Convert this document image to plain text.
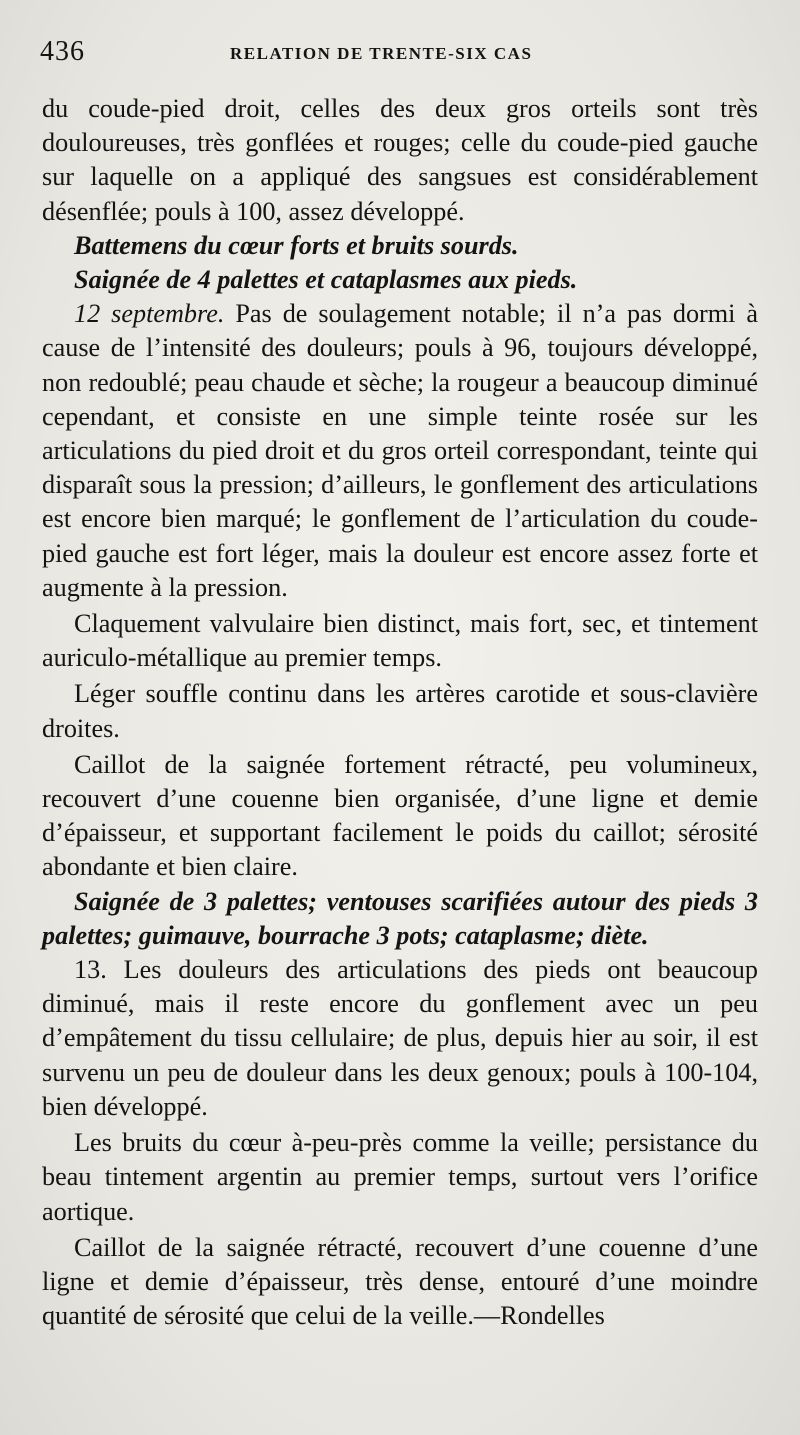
436	RELATION DE TRENTE-SIX CAS

du coude-pied droit, celles des deux gros orteils sont très douloureuses, très gonflées et rouges; celle du coude-pied gauche sur laquelle on a appliqué des sangsues est considérablement désenflée; pouls à 100, assez développé.

Battemens du cœur forts et bruits sourds.

Saignée de 4 palettes et cataplasmes aux pieds.

12 septembre. Pas de soulagement notable; il n’a pas dormi à cause de l’intensité des douleurs; pouls à 96, toujours développé, non redoublé; peau chaude et sèche; la rougeur a beaucoup diminué cependant, et consiste en une simple teinte rosée sur les articulations du pied droit et du gros orteil correspondant, teinte qui disparaît sous la pression; d’ailleurs, le gonflement des articulations est encore bien marqué; le gonflement de l’articulation du coude-pied gauche est fort léger, mais la douleur est encore assez forte et augmente à la pression.

Claquement valvulaire bien distinct, mais fort, sec, et tintement auriculo-métallique au premier temps.

Léger souffle continu dans les artères carotide et sous-clavière droites.

Caillot de la saignée fortement rétracté, peu volumineux, recouvert d’une couenne bien organisée, d’une ligne et demie d’épaisseur, et supportant facilement le poids du caillot; sérosité abondante et bien claire.

Saignée de 3 palettes; ventouses scarifiées autour des pieds 3 palettes; guimauve, bourrache 3 pots; cataplasme; diète.

13. Les douleurs des articulations des pieds ont beaucoup diminué, mais il reste encore du gonflement avec un peu d’empâtement du tissu cellulaire; de plus, depuis hier au soir, il est survenu un peu de douleur dans les deux genoux; pouls à 100-104, bien développé.

Les bruits du cœur à-peu-près comme la veille; persistance du beau tintement argentin au premier temps, surtout vers l’orifice aortique.

Caillot de la saignée rétracté, recouvert d’une couenne d’une ligne et demie d’épaisseur, très dense, entouré d’une moindre quantité de sérosité que celui de la veille.—Rondelles
